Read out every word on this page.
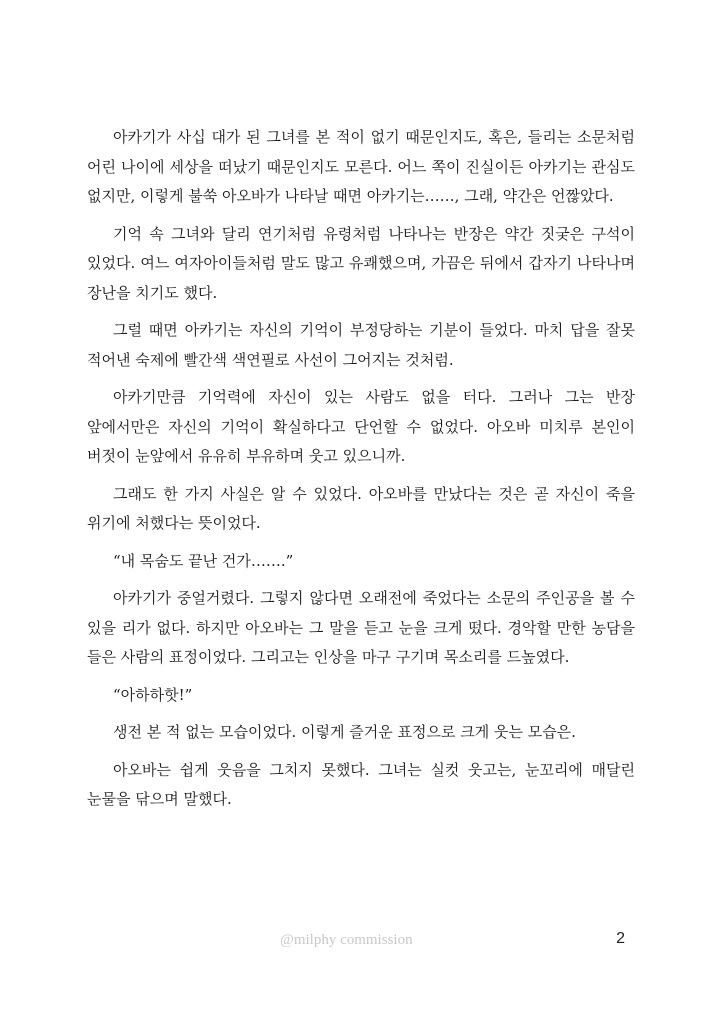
아카기가 사십 대가 된 그녀를 본 적이 없기 때문인지도, 혹은, 들리는 소문처럼 어린 나이에 세상을 떠났기 때문인지도 모른다. 어느 쪽이 진실이든 아카기는 관심도 없지만, 이렇게 불쑥 아오바가 나타날 때면 아카기는……, 그래, 약간은 언짢았다.

기억 속 그녀와 달리 연기처럼 유령처럼 나타나는 반장은 약간 짓궂은 구석이 있었다. 여느 여자아이들처럼 말도 많고 유쾌했으며, 가끔은 뒤에서 갑자기 나타나며 장난을 치기도 했다.

그럴 때면 아카기는 자신의 기억이 부정당하는 기분이 들었다. 마치 답을 잘못 적어낸 숙제에 빨간색 색연필로 사선이 그어지는 것처럼.

아카기만큼 기억력에 자신이 있는 사람도 없을 터다. 그러나 그는 반장 앞에서만은 자신의 기억이 확실하다고 단언할 수 없었다. 아오바 미치루 본인이 버젓이 눈앞에서 유유히 부유하며 웃고 있으니까.

그래도 한 가지 사실은 알 수 있었다. 아오바를 만났다는 것은 곧 자신이 죽을 위기에 처했다는 뜻이었다.

“내 목숨도 끝난 건가…….”

아카기가 중얼거렸다. 그렇지 않다면 오래전에 죽었다는 소문의 주인공을 볼 수 있을 리가 없다. 하지만 아오바는 그 말을 듣고 눈을 크게 떴다. 경악할 만한 농담을 들은 사람의 표정이었다. 그리고는 인상을 마구 구기며 목소리를 드높였다.

“아하하핫!”

생전 본 적 없는 모습이었다. 이렇게 즐거운 표정으로 크게 웃는 모습은.

아오바는 쉽게 웃음을 그치지 못했다. 그녀는 실컷 웃고는, 눈꼬리에 매달린 눈물을 닦으며 말했다.

@milphy commission	2
